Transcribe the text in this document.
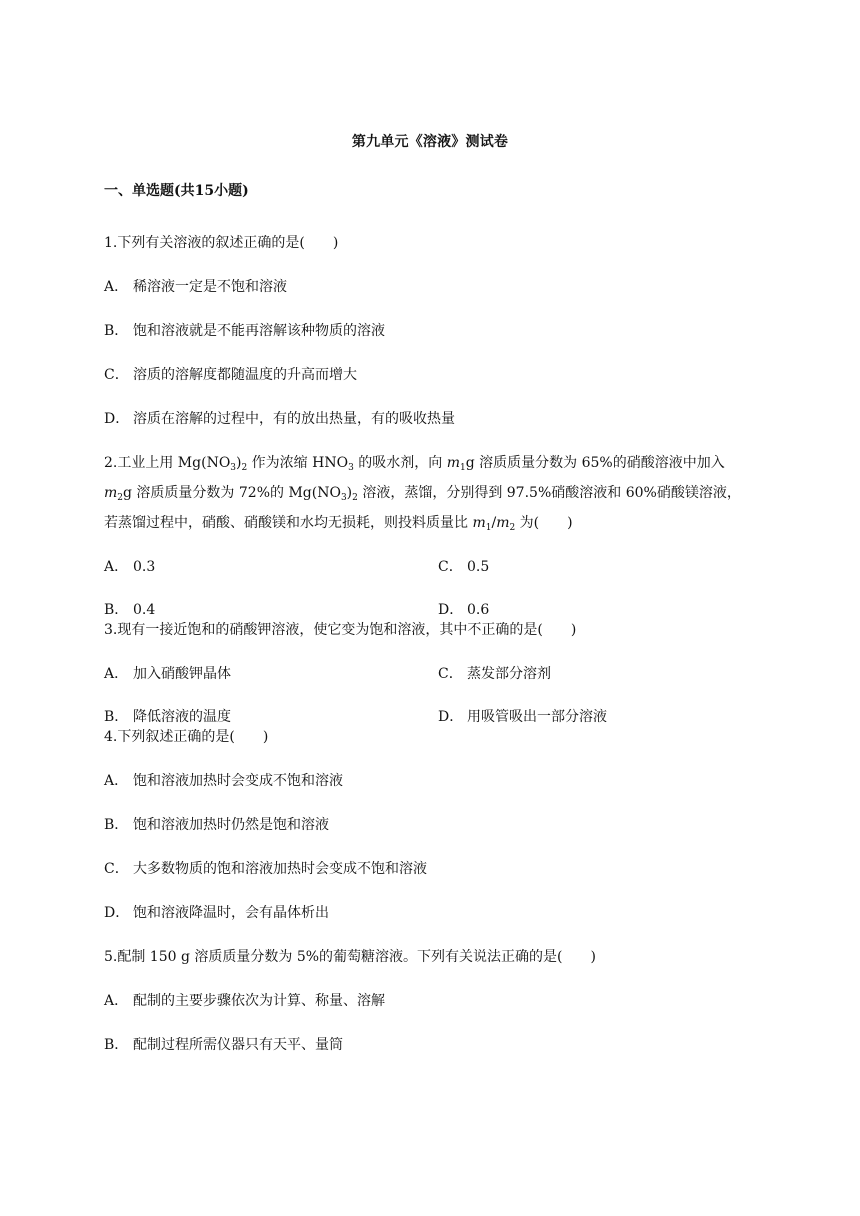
第九单元《溶液》测试卷
一、单选题(共15小题)
1.下列有关溶液的叙述正确的是(　　)
A． 稀溶液一定是不饱和溶液
B． 饱和溶液就是不能再溶解该种物质的溶液
C． 溶质的溶解度都随温度的升高而增大
D． 溶质在溶解的过程中，有的放出热量，有的吸收热量
2.工业上用 $Mg(NO_3)_2$ 作为浓缩 $HNO_3$ 的吸水剂，向 $m_1g$ 溶质质量分数为 65%的硝酸溶液中加入
$m_2g$ 溶质质量分数为 72%的 $Mg(NO_3)_2$ 溶液，蒸馏，分别得到 97.5%硝酸溶液和 60%硝酸镁溶液，
若蒸馏过程中，硝酸、硝酸镁和水均无损耗，则投料质量比 $m_1/m_2$ 为(　　)
A． 0.3	C． 0.5
B． 0.4	D． 0.6
3.现有一接近饱和的硝酸钾溶液，使它变为饱和溶液，其中不正确的是(　　)
A． 加入硝酸钾晶体	C． 蒸发部分溶剂
B． 降低溶液的温度	D． 用吸管吸出一部分溶液
4.下列叙述正确的是(　　)
A． 饱和溶液加热时会变成不饱和溶液
B． 饱和溶液加热时仍然是饱和溶液
C． 大多数物质的饱和溶液加热时会变成不饱和溶液
D． 饱和溶液降温时，会有晶体析出
5.配制 150 g 溶质质量分数为 5%的葡萄糖溶液。下列有关说法正确的是(　　)
A． 配制的主要步骤依次为计算、称量、溶解
B． 配制过程所需仪器只有天平、量筒
